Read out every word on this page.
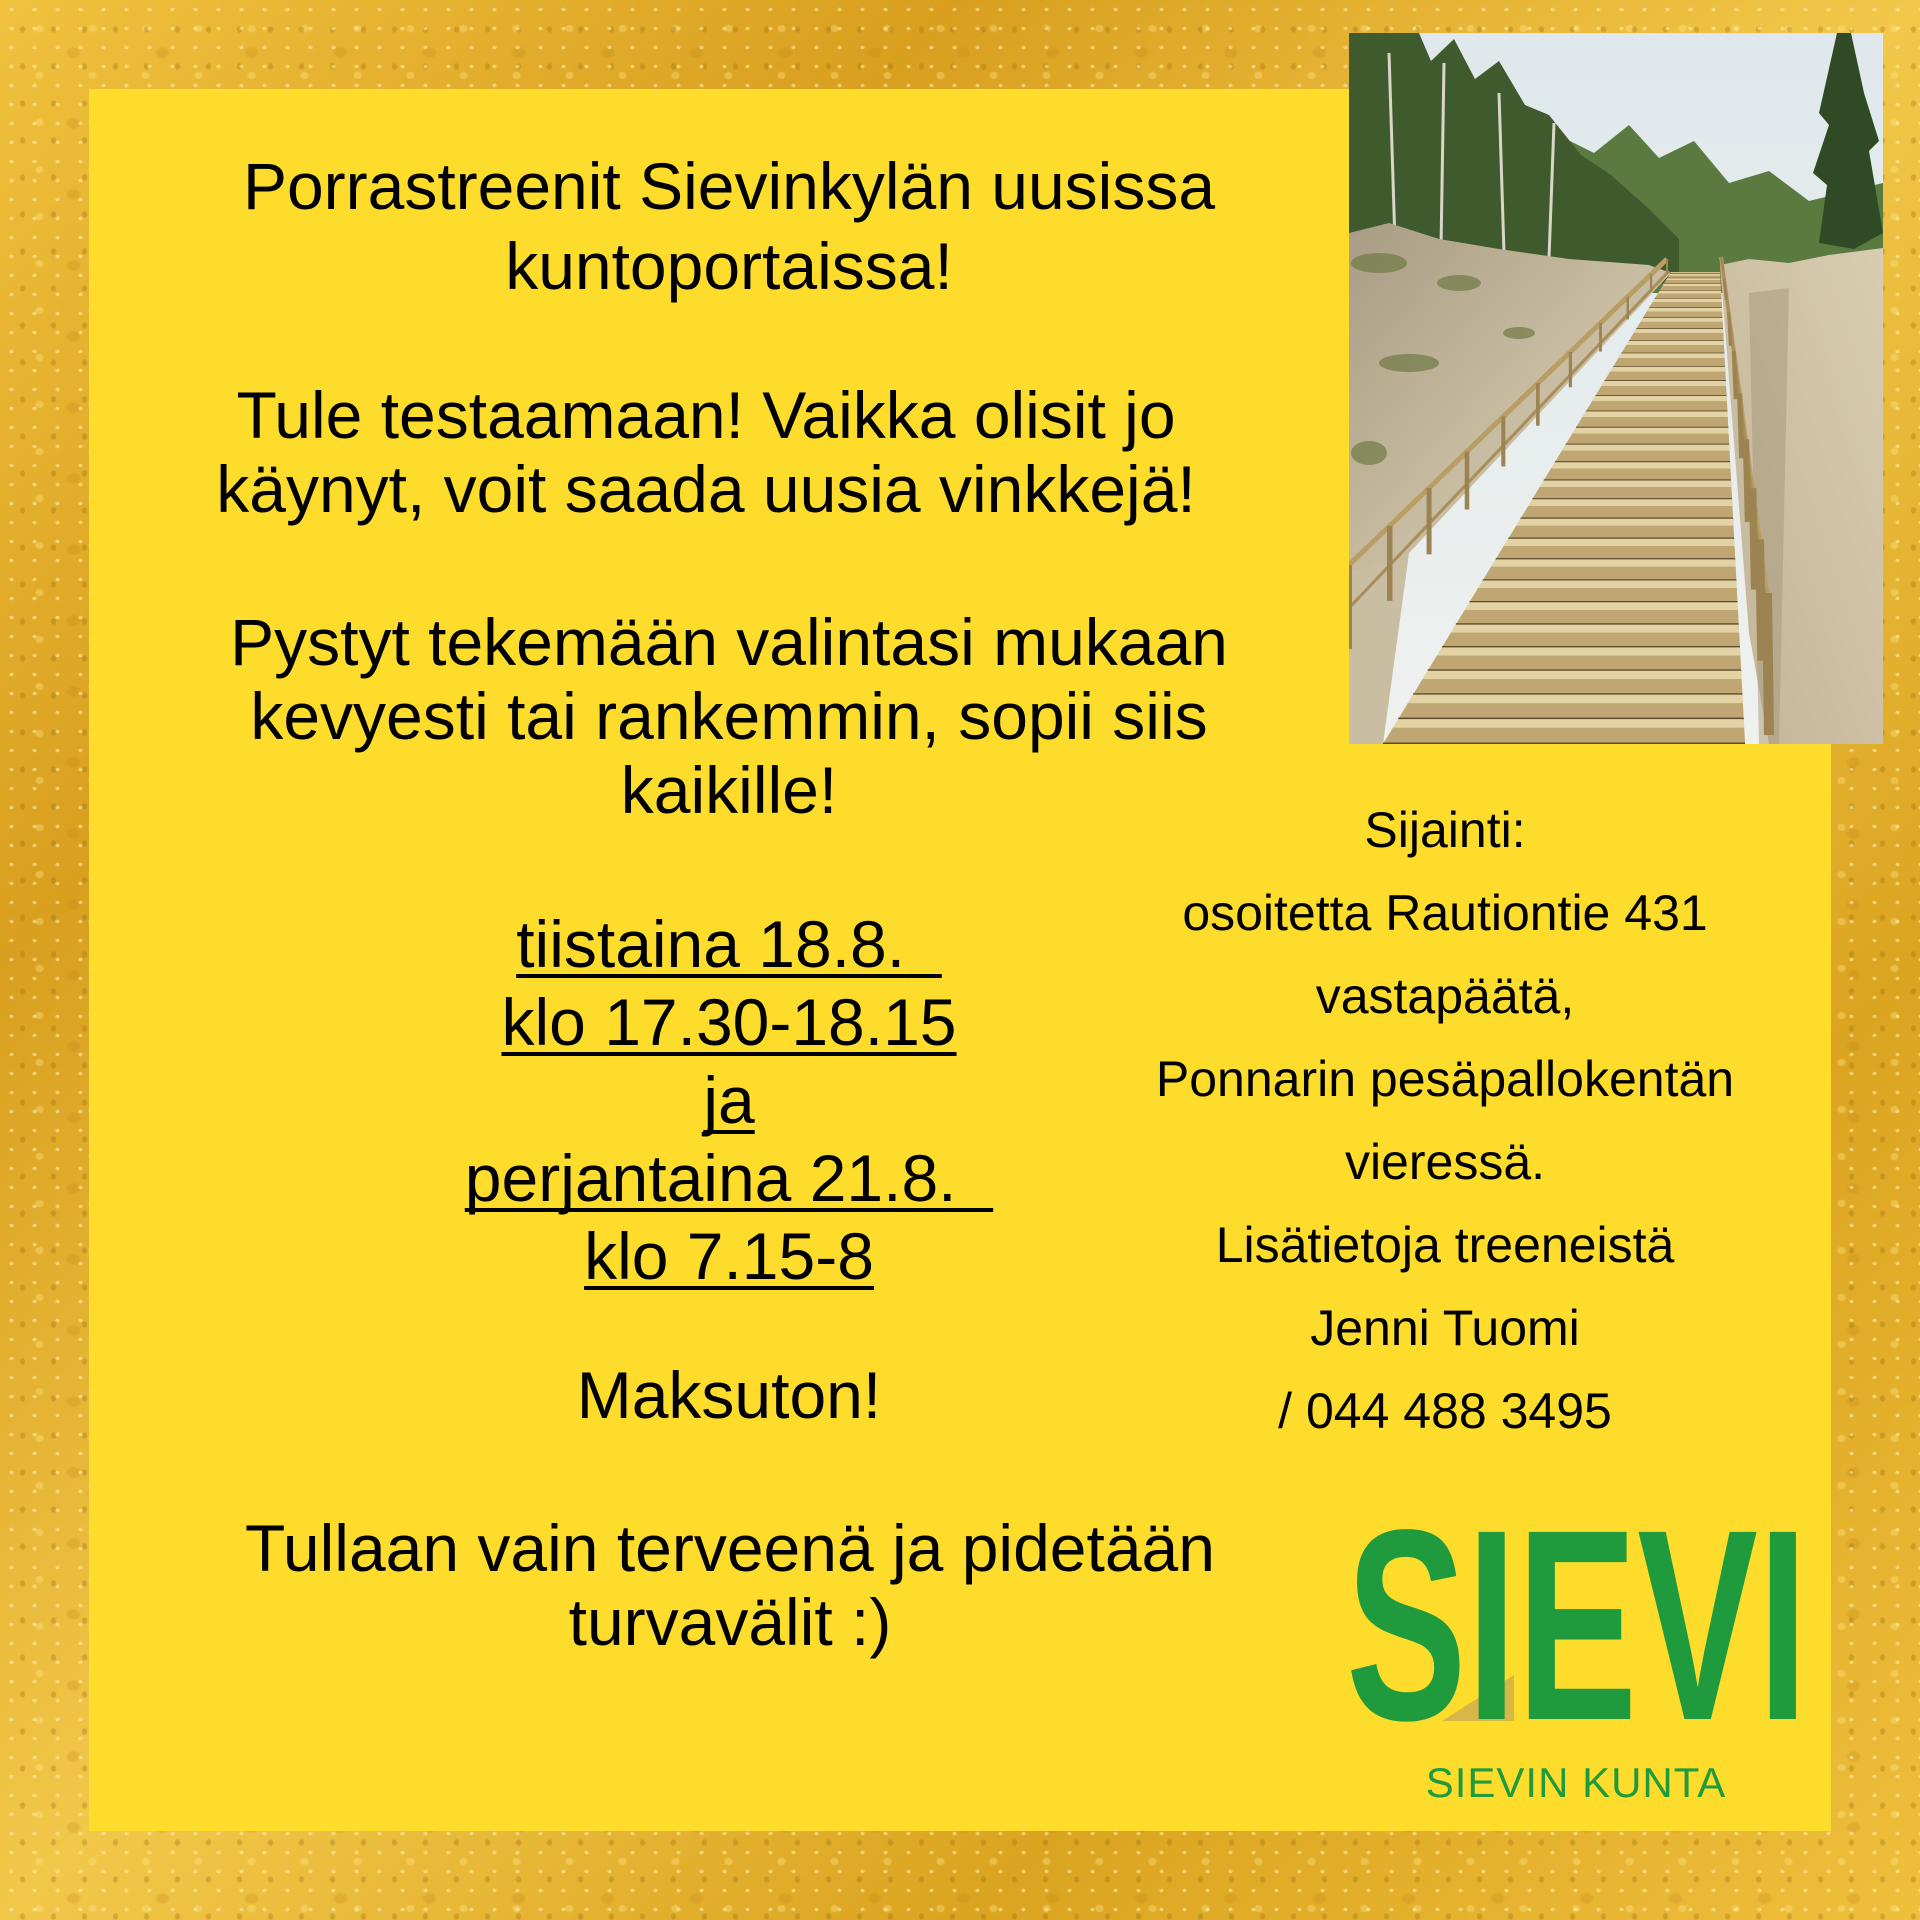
Porrastreenit Sievinkylän uusissa
kuntoportaissa!
Tule testaamaan! Vaikka olisit jo
käynyt, voit saada uusia vinkkejä!
Pystyt tekemään valintasi mukaan
kevyesti tai rankemmin, sopii siis
kaikille!
tiistaina 18.8.
klo 17.30-18.15
ja
perjantaina 21.8.
klo 7.15-8
Maksuton!
Tullaan vain terveenä ja pidetään
turvavälit :)
Sijainti:
osoitetta Rautiontie 431
vastapäätä,
Ponnarin pesäpallokentän
vieressä.
Lisätietoja treeneistä
Jenni Tuomi
/ 044 488 3495
SIEVI
SIEVIN KUNTA
